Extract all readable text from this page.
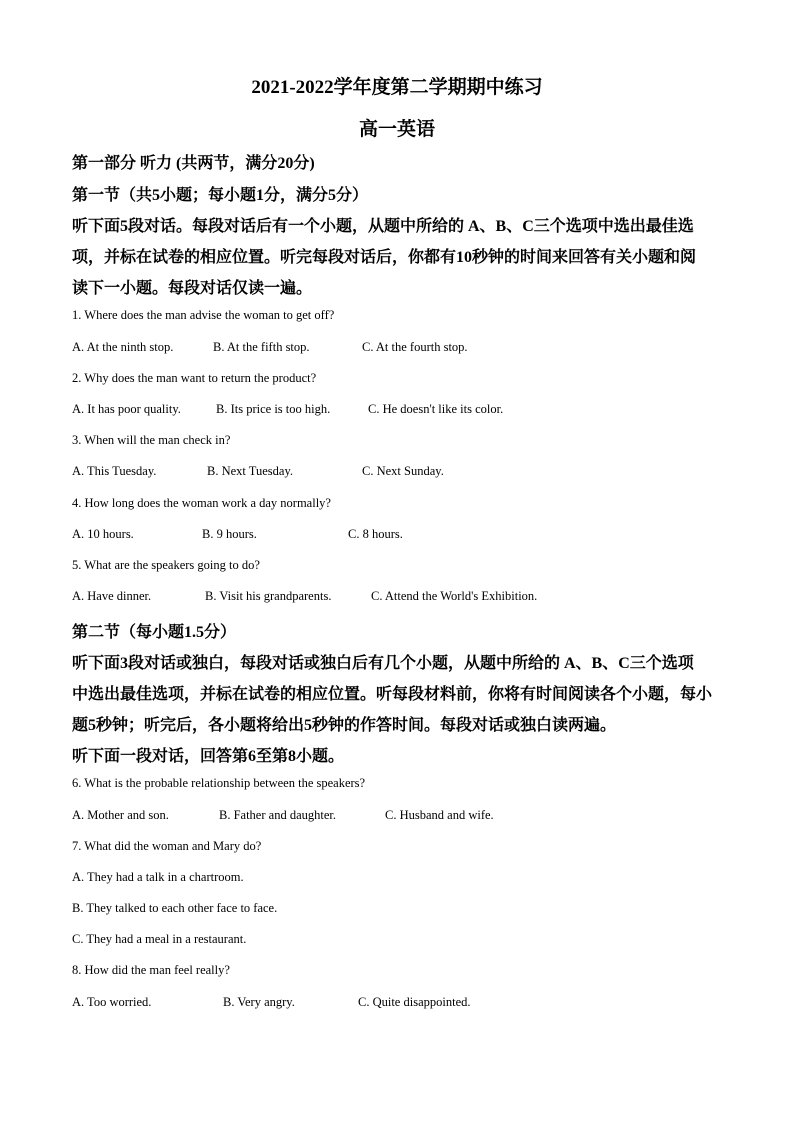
2021-2022学年度第二学期期中练习
高一英语
第一部分 听力 (共两节，满分20分)
第一节（共5小题；每小题1分，满分5分）
听下面5段对话。每段对话后有一个小题，从题中所给的 A、B、C三个选项中选出最佳选
项，并标在试卷的相应位置。听完每段对话后，你都有10秒钟的时间来回答有关小题和阅
读下一小题。每段对话仅读一遍。
1. Where does the man advise the woman to get off?
A. At the ninth stop.	B. At the fifth stop.	C. At the fourth stop.
2. Why does the man want to return the product?
A. It has poor quality.	B. Its price is too high.	C. He doesn't like its color.
3. When will the man check in?
A. This Tuesday.	B. Next Tuesday.	C. Next Sunday.
4. How long does the woman work a day normally?
A. 10 hours.	B. 9 hours.	C. 8 hours.
5. What are the speakers going to do?
A. Have dinner.	B. Visit his grandparents.	C. Attend the World's Exhibition.
第二节（每小题1.5分）
听下面3段对话或独白，每段对话或独白后有几个小题，从题中所给的 A、B、C三个选项
中选出最佳选项，并标在试卷的相应位置。听每段材料前，你将有时间阅读各个小题，每小
题5秒钟；听完后，各小题将给出5秒钟的作答时间。每段对话或独白读两遍。
听下面一段对话，回答第6至第8小题。
6. What is the probable relationship between the speakers?
A. Mother and son.	B. Father and daughter.	C. Husband and wife.
7. What did the woman and Mary do?
A. They had a talk in a chartroom.
B. They talked to each other face to face.
C. They had a meal in a restaurant.
8. How did the man feel really?
A. Too worried.	B. Very angry.	C. Quite disappointed.
